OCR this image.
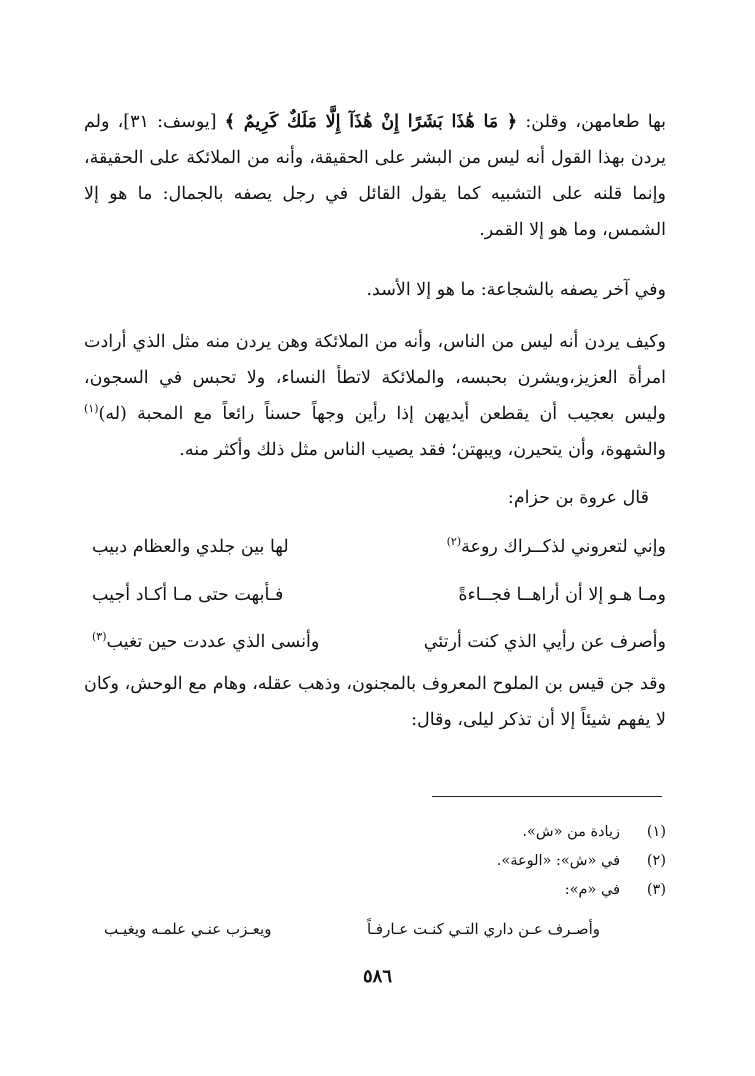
بها طعامهن، وقلن: ﴿ مَا هَٰذَا بَشَرًا إِنْ هَٰذَآ إِلَّا مَلَكٌ كَرِيمٌ ﴾ [يوسف: ٣١]، ولم يردن بهذا القول أنه ليس من البشر على الحقيقة، وأنه من الملائكة على الحقيقة، وإنما قلنه على التشبيه كما يقول القائل في رجل يصفه بالجمال: ما هو إلا الشمس، وما هو إلا القمر.

وفي آخر يصفه بالشجاعة: ما هو إلا الأسد.

وكيف يردن أنه ليس من الناس، وأنه من الملائكة وهن يردن منه مثل الذي أرادت امرأة العزيز،ويشرن بحبسه، والملائكة لاتطأ النساء، ولا تحبس في السجون، وليس بعجيب أن يقطعن أيديهن إذا رأين وجهاً حسناً رائعاً مع المحبة (له)$^{(١)}$ والشهوة، وأن يتحيرن، ويبهتن؛ فقد يصيب الناس مثل ذلك وأكثر منه.

قال عروة بن حزام:

وإني لتعروني لذكــراك روعة$^{(٢)}$
لها بين جلدي والعظام دبيب
ومـا هـو إلا أن أراهــا فجــاءةً
فـأبهت حتى مـا أكـاد أجيب
وأصرف عن رأيي الذي كنت أرتئي
وأنسى الذي عددت حين تغيب$^{(٣)}$

وقد جن قيس بن الملوح المعروف بالمجنون، وذهب عقله، وهام مع الوحش، وكان لا يفهم شيئاً إلا أن تذكر ليلى، وقال:

(١)زيادة من «ش».
(٢)في «ش»: «الوعة».
(٣)في «م»:
وأصـرف عـن داري التـي كنـت عـارفـاً
ويعـزب عنـي علمـه ويغيـب
٥٨٦
